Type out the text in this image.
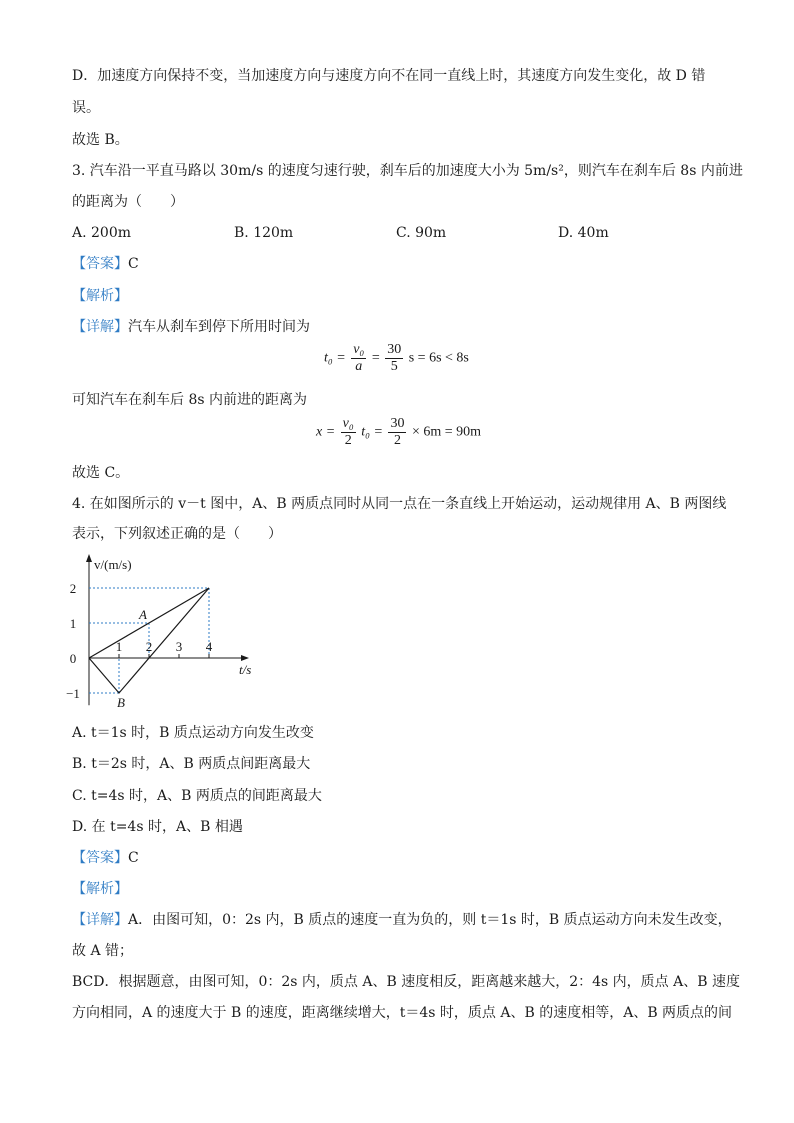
D．加速度方向保持不变，当加速度方向与速度方向不在同一直线上时，其速度方向发生变化，故 D 错
误。
故选 B。
3. 汽车沿一平直马路以 30m/s 的速度匀速行驶，刹车后的加速度大小为 5m/s²，则汽车在刹车后 8s 内前进
的距离为（　　）
A. 200m	B. 120m	C. 90m	D. 40m
【答案】C
【解析】
【详解】汽车从刹车到停下所用时间为
$t_0 = \frac{\text{v₀}}{a} = \frac{30}{5}$ s = 6s < 8s
可知汽车在刹车后 8s 内前进的距离为
$x = \frac{\text{v₀}}{2} t_0 = \frac{30}{2} \times 6m = 90m$
故选 C。
4. 在如图所示的 v－t 图中，A、B 两质点同时从同一点在一条直线上开始运动，运动规律用 A、B 两图线
表示，下列叙述正确的是（　　）
A
B
2
1
0
−1
1 2 3 4
v/(m/s)
t/s
A. t＝1s 时，B 质点运动方向发生改变
B. t＝2s 时，A、B 两质点间距离最大
C. t=4s 时，A、B 两质点的间距离最大
D. 在 t=4s 时，A、B 相遇
【答案】C
【解析】
【详解】A．由图可知，0：2s 内，B 质点的速度一直为负的，则 t＝1s 时，B 质点运动方向未发生改变，
故 A 错；
BCD．根据题意，由图可知，0：2s 内，质点 A、B 速度相反，距离越来越大，2：4s 内，质点 A、B 速度
方向相同，A 的速度大于 B 的速度，距离继续增大，t＝4s 时，质点 A、B 的速度相等，A、B 两质点的间
